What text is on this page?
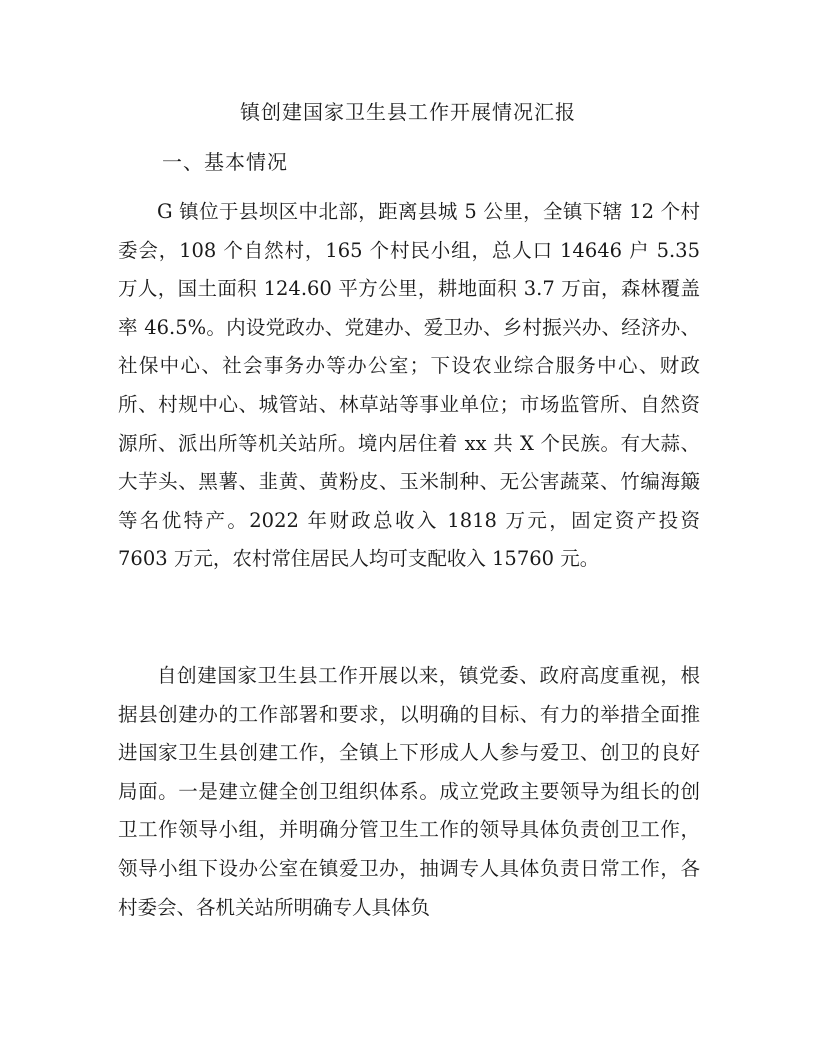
镇创建国家卫生县工作开展情况汇报
一、基本情况

G 镇位于县坝区中北部，距离县城 5 公里，全镇下辖 12 个村委会，108 个自然村，165 个村民小组，总人口 14646 户 5.35 万人，国土面积 124.60 平方公里，耕地面积 3.7 万亩，森林覆盖率 46.5%。内设党政办、党建办、爱卫办、乡村振兴办、经济办、社保中心、社会事务办等办公室；下设农业综合服务中心、财政所、村规中心、城管站、林草站等事业单位；市场监管所、自然资源所、派出所等机关站所。境内居住着 xx 共 X 个民族。有大蒜、大芋头、黑薯、韭黄、黄粉皮、玉米制种、无公害蔬菜、竹编海簸等名优特产。2022 年财政总收入 1818 万元，固定资产投资 7603 万元，农村常住居民人均可支配收入 15760 元。

自创建国家卫生县工作开展以来，镇党委、政府高度重视，根据县创建办的工作部署和要求，以明确的目标、有力的举措全面推进国家卫生县创建工作，全镇上下形成人人参与爱卫、创卫的良好局面。一是建立健全创卫组织体系。成立党政主要领导为组长的创卫工作领导小组，并明确分管卫生工作的领导具体负责创卫工作，领导小组下设办公室在镇爱卫办，抽调专人具体负责日常工作，各村委会、各机关站所明确专人具体负
